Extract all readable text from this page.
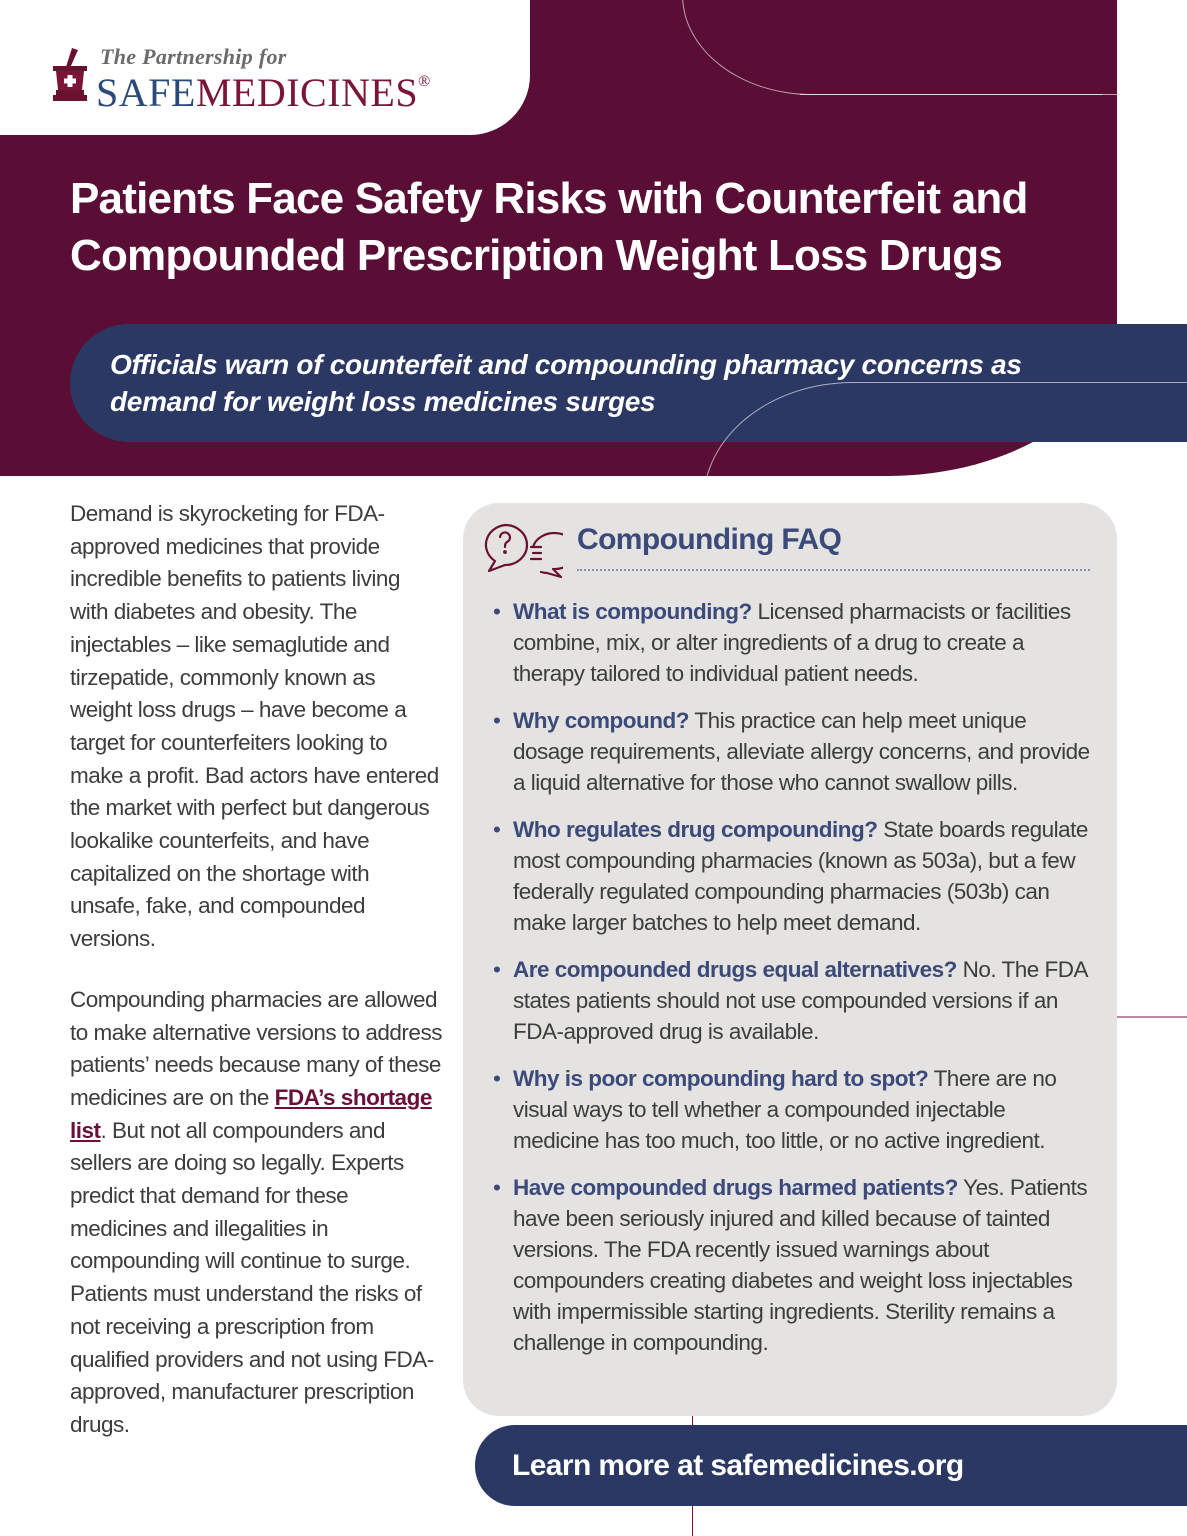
The Partnership for
SAFEMEDICINES®
Patients Face Safety Risks with Counterfeit and
Compounded Prescription Weight Loss Drugs
Officials warn of counterfeit and compounding pharmacy concerns as
demand for weight loss medicines surges

Demand is skyrocketing for FDA-approved medicines that provide incredible benefits to patients living with diabetes and obesity. The injectables – like semaglutide and tirzepatide, commonly known as weight loss drugs – have become a target for counterfeiters looking to make a profit. Bad actors have entered the market with perfect but dangerous lookalike counterfeits, and have capitalized on the shortage with unsafe, fake, and compounded versions.

Compounding pharmacies are allowed to make alternative versions to address patients’ needs because many of these medicines are on the FDA’s shortage list. But not all compounders and sellers are doing so legally. Experts predict that demand for these medicines and illegalities in compounding will continue to surge. Patients must understand the risks of not receiving a prescription from qualified providers and not using FDA-approved, manufacturer prescription drugs.

Compounding FAQ
• What is compounding? Licensed pharmacists or facilities combine, mix, or alter ingredients of a drug to create a therapy tailored to individual patient needs.
• Why compound? This practice can help meet unique dosage requirements, alleviate allergy concerns, and provide a liquid alternative for those who cannot swallow pills.
• Who regulates drug compounding? State boards regulate most compounding pharmacies (known as 503a), but a few federally regulated compounding pharmacies (503b) can make larger batches to help meet demand.
• Are compounded drugs equal alternatives? No. The FDA states patients should not use compounded versions if an FDA-approved drug is available.
• Why is poor compounding hard to spot? There are no visual ways to tell whether a compounded injectable medicine has too much, too little, or no active ingredient.
• Have compounded drugs harmed patients? Yes. Patients have been seriously injured and killed because of tainted versions. The FDA recently issued warnings about compounders creating diabetes and weight loss injectables with impermissible starting ingredients. Sterility remains a challenge in compounding.
Learn more at safemedicines.org
